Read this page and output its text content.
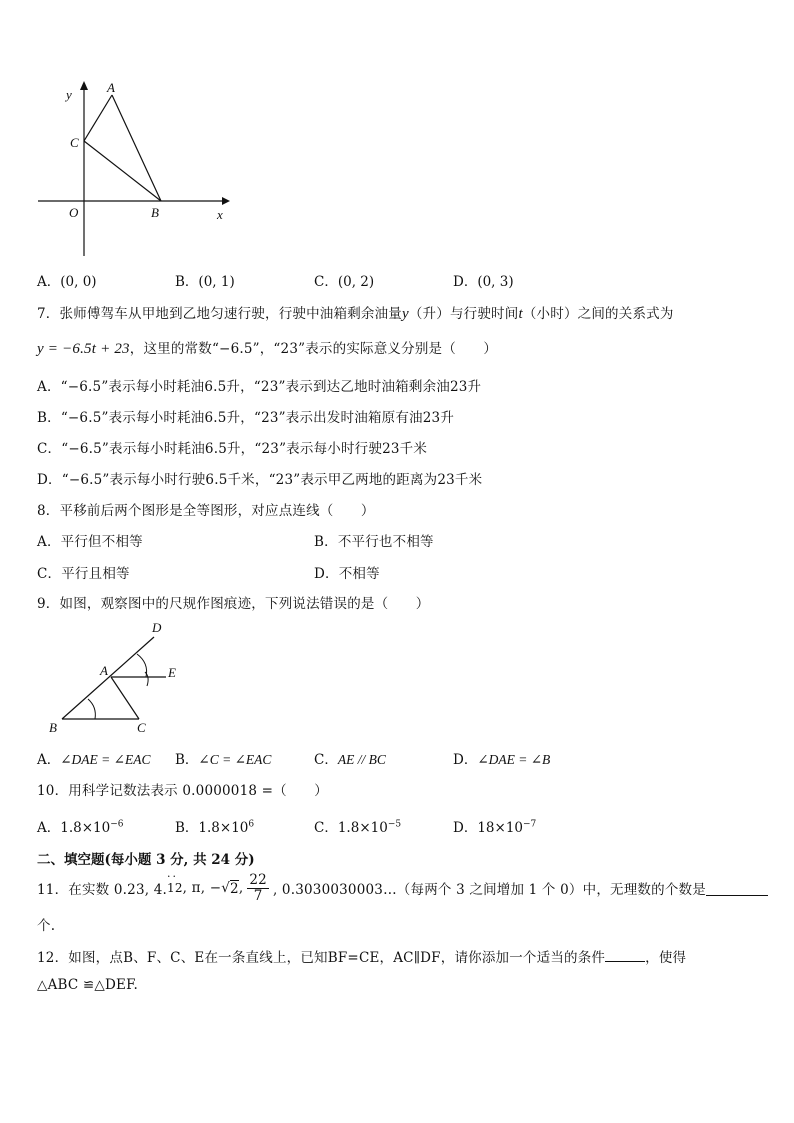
y	A
C
O	B	x
A．(0, 0)	B．(0, 1)	C．(0, 2)	D．(0, 3)
7．张师傅驾车从甲地到乙地匀速行驶，行驶中油箱剩余油量y（升）与行驶时间t（小时）之间的关系式为
y = −6.5t + 23，这里的常数“−6.5”，“23”表示的实际意义分别是（　　）
A．“−6.5”表示每小时耗油6.5升，“23”表示到达乙地时油箱剩余油23升
B．“−6.5”表示每小时耗油6.5升，“23”表示出发时油箱原有油23升
C．“−6.5”表示每小时耗油6.5升，“23”表示每小时行驶23千米
D．“−6.5”表示每小时行驶6.5千米，“23”表示甲乙两地的距离为23千米
8．平移前后两个图形是全等图形，对应点连线（　　）
A．平行但不相等	B．不平行也不相等
C．平行且相等	D．不相等
9．如图，观察图中的尺规作图痕迹，下列说法错误的是（　　）
D
A	E
B	C
A．∠DAE = ∠EAC B．∠C = ∠EAC	C．AE // BC	D．∠DAE = ∠B
10．用科学记数法表示 0.0000018 =（　　）
A．$1.8\times 10^{-6}$	B．$1.8\times 10^6$	C．$1.8\times 10^{-5}$	D．$18\times 10^{-7}$
二、填空题(每小题 3 分, 共 24 分)
11．在实数 0.23, 4.
··
12 , π, − √ 2 , $\frac{22}{7}$ , 0.3030030003…（每两个 3 之间增加 1 个 0）中，无理数的个数是
个.
12．如图，点B、F、C、E在一条直线上，已知BF=CE，AC∥DF，请你添加一个适当的条件	，使得
△ABC ≌△DEF.
